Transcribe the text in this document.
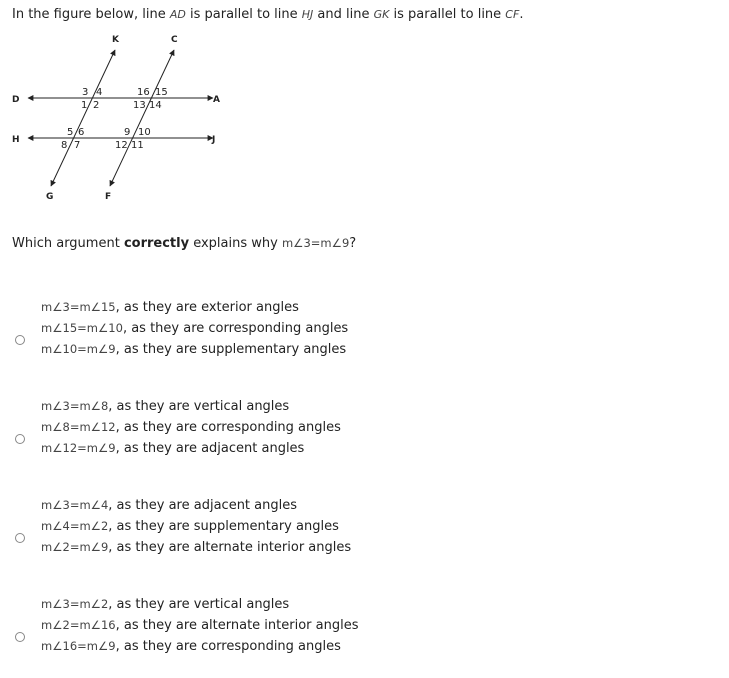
In the figure below, line AD is parallel to line HJ and line GK is parallel to line CF.
K	C
D	A
H	J
G	F
3 4
1 2
16 15
13 14
5 6
8 7
9 10
12 11
Which argument correctly explains why m∠3=m∠9?
m∠3=m∠15, as they are exterior angles
m∠15=m∠10, as they are corresponding angles
m∠10=m∠9, as they are supplementary angles
m∠3=m∠8, as they are vertical angles
m∠8=m∠12, as they are corresponding angles
m∠12=m∠9, as they are adjacent angles
m∠3=m∠4, as they are adjacent angles
m∠4=m∠2, as they are supplementary angles
m∠2=m∠9, as they are alternate interior angles
m∠3=m∠2, as they are vertical angles
m∠2=m∠16, as they are alternate interior angles
m∠16=m∠9, as they are corresponding angles
